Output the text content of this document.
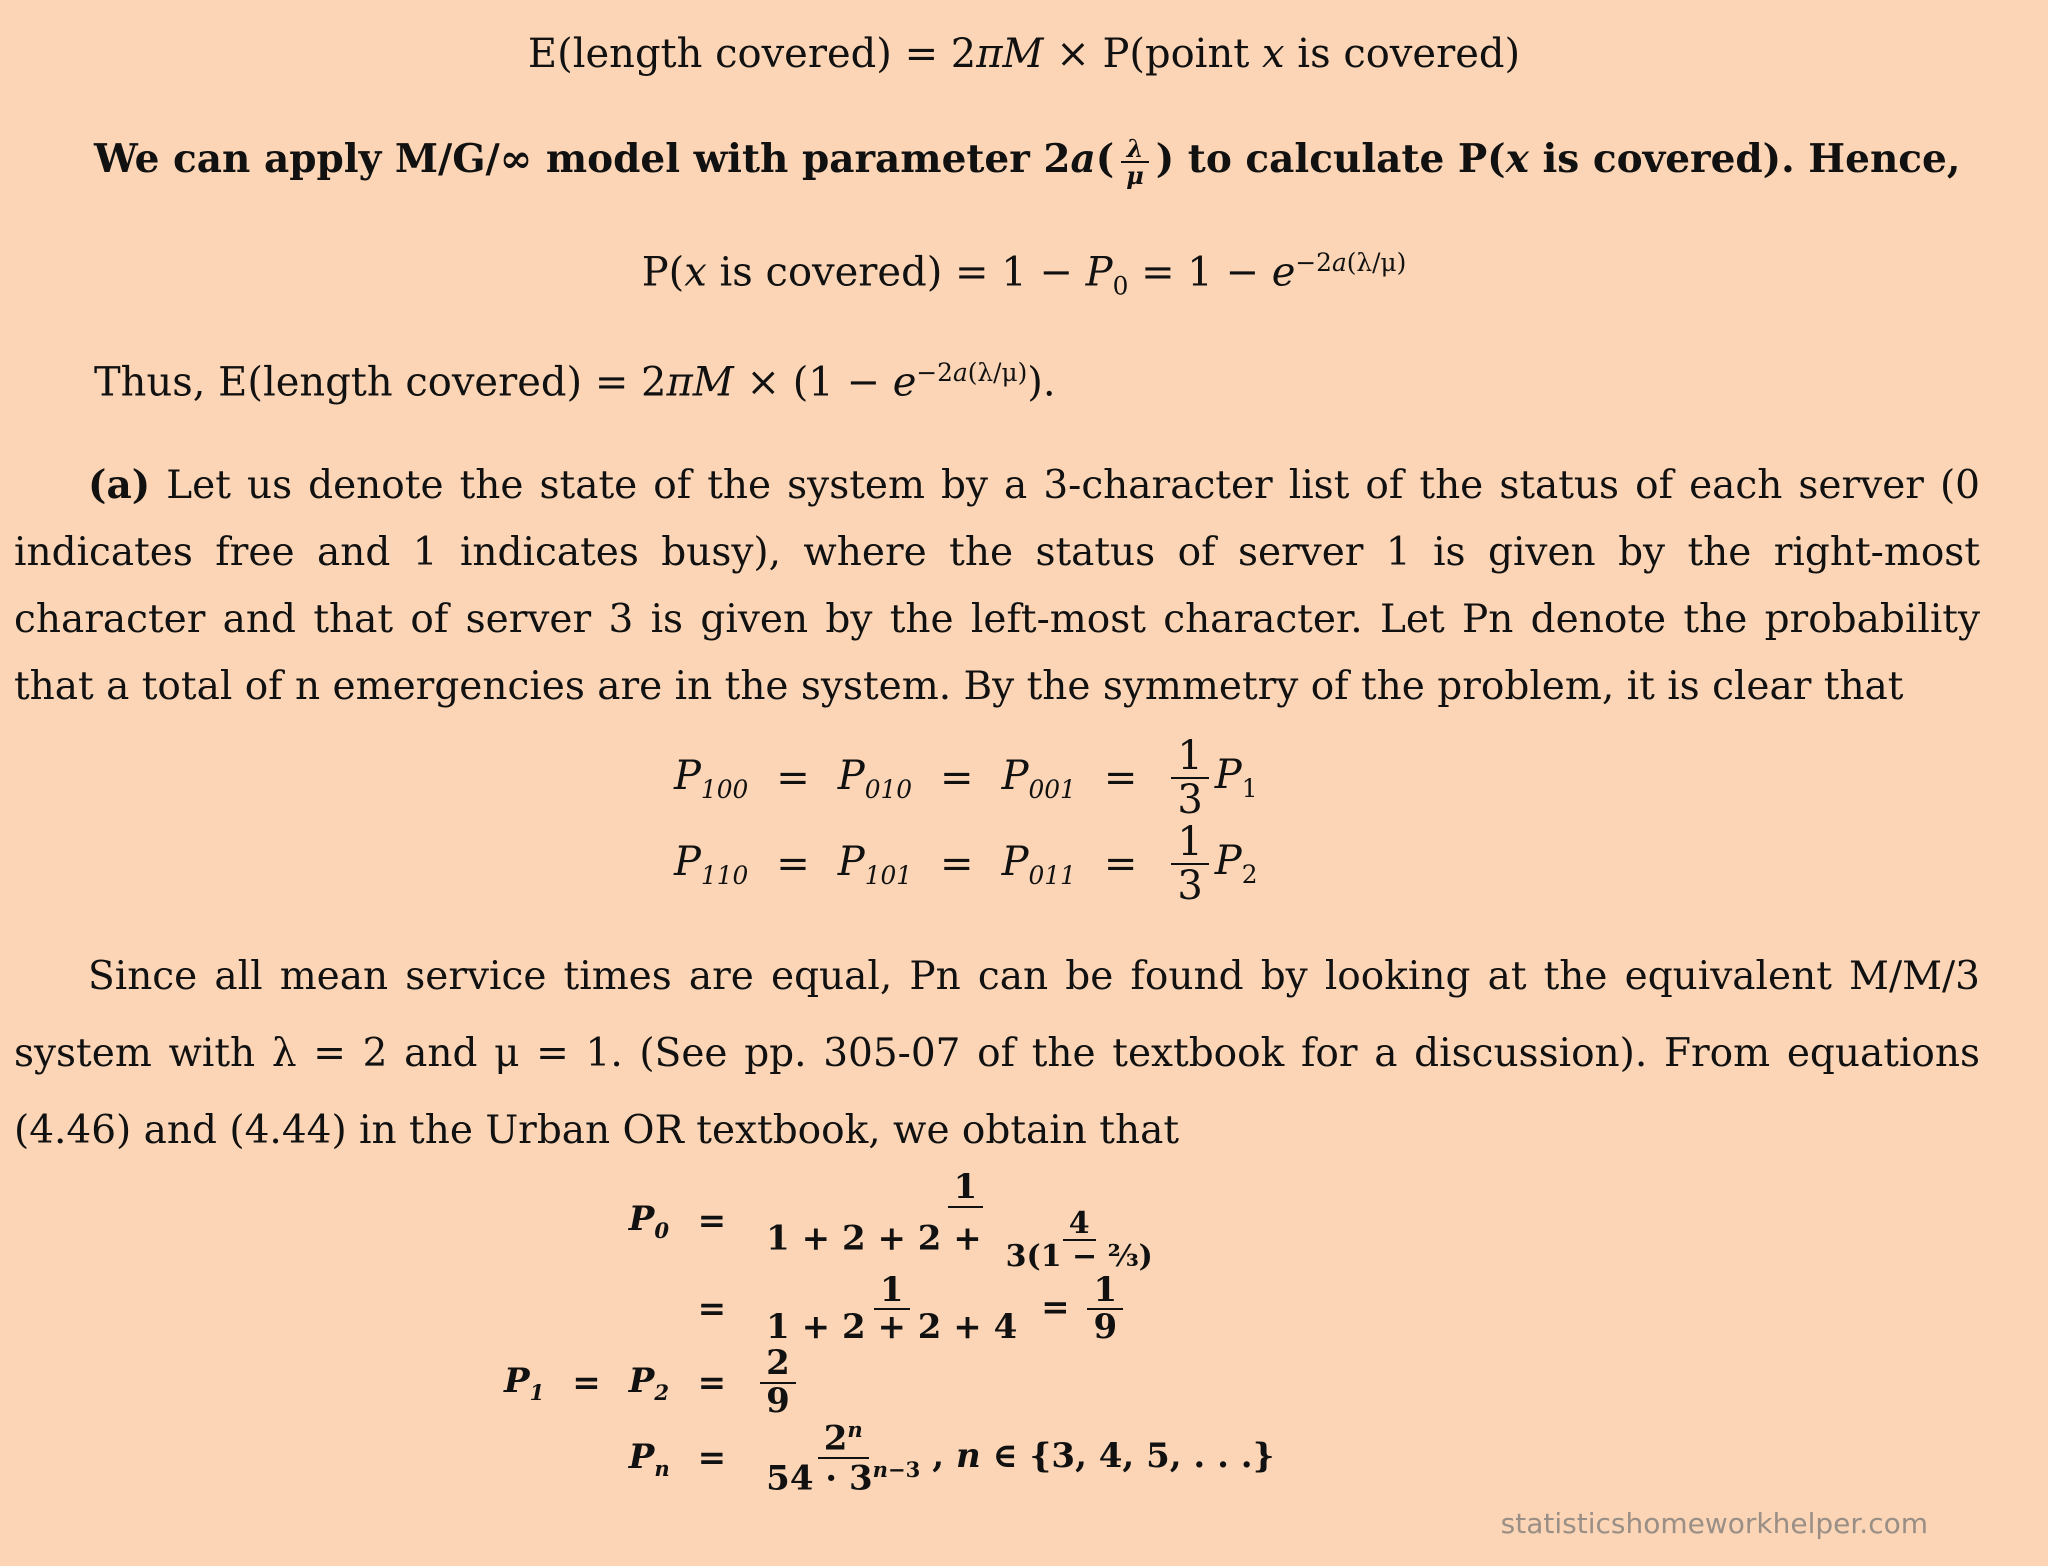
E(length covered) = 2πM × P(point x is covered)
We can apply M/G/∞ model with parameter $2a( \frac{\lambda}{\mu}$ ) to calculate P(x is covered). Hence,
P(x is covered) = $1 - P_0 = 1 - e^{-2a(\lambda/\mu)}$
Thus, E(length covered) = $2\pi M \times (1 - e^{-2a(\lambda/\mu)})$.
(a) Let us denote the state of the system by a 3-character list of the status of each server (0 indicates free and 1 indicates busy), where the status of server 1 is given by the right-most character and that of server 3 is given by the left-most character. Let Pn denote the probability that a total of n emergencies are in the system. By the symmetry of the problem, it is clear that
$P_{100}$	=	$P_{010}$	=	$P_{001}$	=	$\frac{1}{3} P_1$
$P_{110}$	=	$P_{101}$	=	$P_{011}$	=	$\frac{1}{3} P_2$
Since all mean service times are equal, Pn can be found by looking at the equivalent M/M/3 system with λ = 2 and μ = 1. (See pp. 305-07 of the textbook for a discussion). From equations (4.46) and (4.44) in the Urban OR textbook, we obtain that
		$P_0$	=	$\frac{1}{1 + 2 + 2 + \frac{4}{\text{3(1 − ⅔)}}}$

			=	$\frac{1}{1 + 2 + 2 + 4} = \frac{1}{9}$

$P_1$	=	$P_2$	=	$\frac{2}{9}$

		$P_n$	=	$\frac{2^n}{54 \cdot 3^{n-3}}$ , n ∈ {3, 4, 5, . . .}
statisticshomeworkhelper.com
